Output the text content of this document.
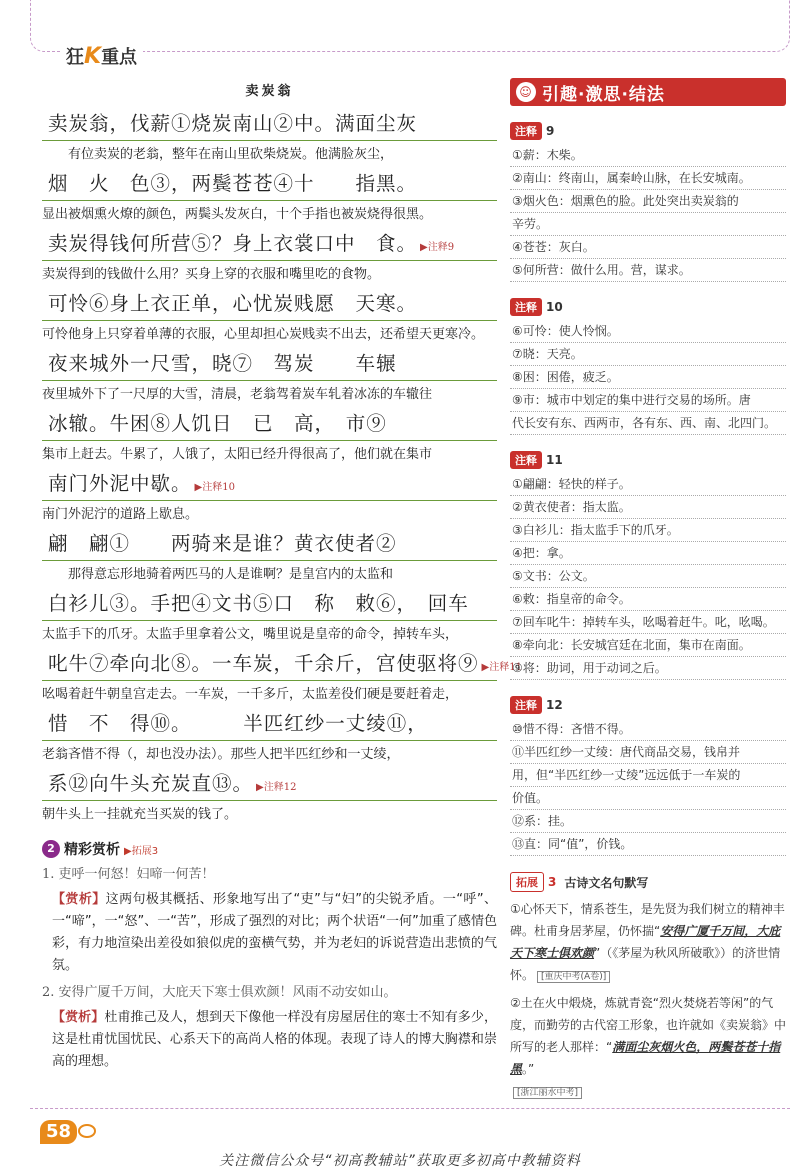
狂 K 重点
卖炭翁
卖炭翁，伐薪①烧炭南山②中。满面尘灰
有位卖炭的老翁，整年在南山里砍柴烧炭。他满脸灰尘，
烟　火　色③，两鬓苍苍④十　　指黑。
显出被烟熏火燎的颜色，两鬓头发灰白，十个手指也被炭烧得很黑。
卖炭得钱何所营⑤？身上衣裳口中　食。 ▶注释9
卖炭得到的钱做什么用？买身上穿的衣服和嘴里吃的食物。
可怜⑥身上衣正单，心忧炭贱愿　天寒。
可怜他身上只穿着单薄的衣服，心里却担心炭贱卖不出去，还希望天更寒冷。
夜来城外一尺雪，晓⑦　驾炭　　车辗
夜里城外下了一尺厚的大雪，清晨，老翁驾着炭车轧着冰冻的车辙往
冰辙。牛困⑧人饥日　已　高，　市⑨
集市上赶去。牛累了，人饿了，太阳已经升得很高了，他们就在集市
南门外泥中歇。 ▶注释10
南门外泥泞的道路上歇息。
翩　翩①　　两骑来是谁？黄衣使者②
那得意忘形地骑着两匹马的人是谁啊？是皇宫内的太监和
白衫儿③。手把④文书⑤口　称　敕⑥，　回车
太监手下的爪牙。太监手里拿着公文，嘴里说是皇帝的命令，掉转车头，
叱牛⑦牵向北⑧。一车炭，千余斤，宫使驱将⑨ ▶注释11
吆喝着赶牛朝皇宫走去。一车炭，一千多斤，太监差役们硬是要赶着走，
惜　不　得⑩。　　　半匹红纱一丈绫⑪，
老翁吝惜不得（，却也没办法）。那些人把半匹红纱和一丈绫，
系⑫向牛头充炭直⑬。 ▶注释12
朝牛头上一挂就充当买炭的钱了。
2 精彩赏析 ▶拓展3
1. 吏呼一何怒！妇啼一何苦！
【赏析】这两句极其概括、形象地写出了“吏”与“妇”的尖锐矛盾。一“呼”、一“啼”，一“怒”、一“苦”，形成了强烈的对比；两个状语“一何”加重了感情色彩，有力地渲染出差役如狼似虎的蛮横气势，并为老妇的诉说营造出悲愤的气氛。
2. 安得广厦千万间，大庇天下寒士俱欢颜！风雨不动安如山。
【赏析】杜甫推己及人，想到天下像他一样没有房屋居住的寒士不知有多少，这是杜甫忧国忧民、心系天下的高尚人格的体现。表现了诗人的博大胸襟和崇高的理想。
☺ 引趣·激思·结法
注释 9
①薪：木柴。
②南山：终南山，属秦岭山脉，在长安城南。
③烟火色：烟熏色的脸。此处突出卖炭翁的
辛劳。
④苍苍：灰白。
⑤何所营：做什么用。营，谋求。
注释 10
⑥可怜：使人怜悯。
⑦晓：天亮。
⑧困：困倦，疲乏。
⑨市：城市中划定的集中进行交易的场所。唐
代长安有东、西两市，各有东、西、南、北四门。
注释 11
①翩翩：轻快的样子。
②黄衣使者：指太监。
③白衫儿：指太监手下的爪牙。
④把：拿。
⑤文书：公文。
⑥敕：指皇帝的命令。
⑦回车叱牛：掉转车头，吆喝着赶牛。叱，吆喝。
⑧牵向北：长安城宫廷在北面，集市在南面。
⑨将：助词，用于动词之后。
注释 12
⑩惜不得：吝惜不得。
⑪半匹红纱一丈绫：唐代商品交易，钱帛并
用，但“半匹红纱一丈绫”远远低于一车炭的
价值。
⑫系：挂。
⑬直：同“值”，价钱。
拓展 3 古诗文名句默写
①心怀天下，情系苍生，是先贤为我们树立的精神丰碑。杜甫身居茅屋，仍怀揣“安得广厦千万间，大庇天下寒士俱欢颜”（《茅屋为秋风所破歌》）的济世情怀。 [重庆中考(A卷)]
②土在火中煅烧，炼就青瓷“烈火焚烧若等闲”的气度，而勤劳的古代窑工形象，也许就如《卖炭翁》中所写的老人那样：“满面尘灰烟火色，两鬓苍苍十指黑。”
[浙江丽水中考]
58
关注微信公众号“初高教辅站”获取更多初高中教辅资料
